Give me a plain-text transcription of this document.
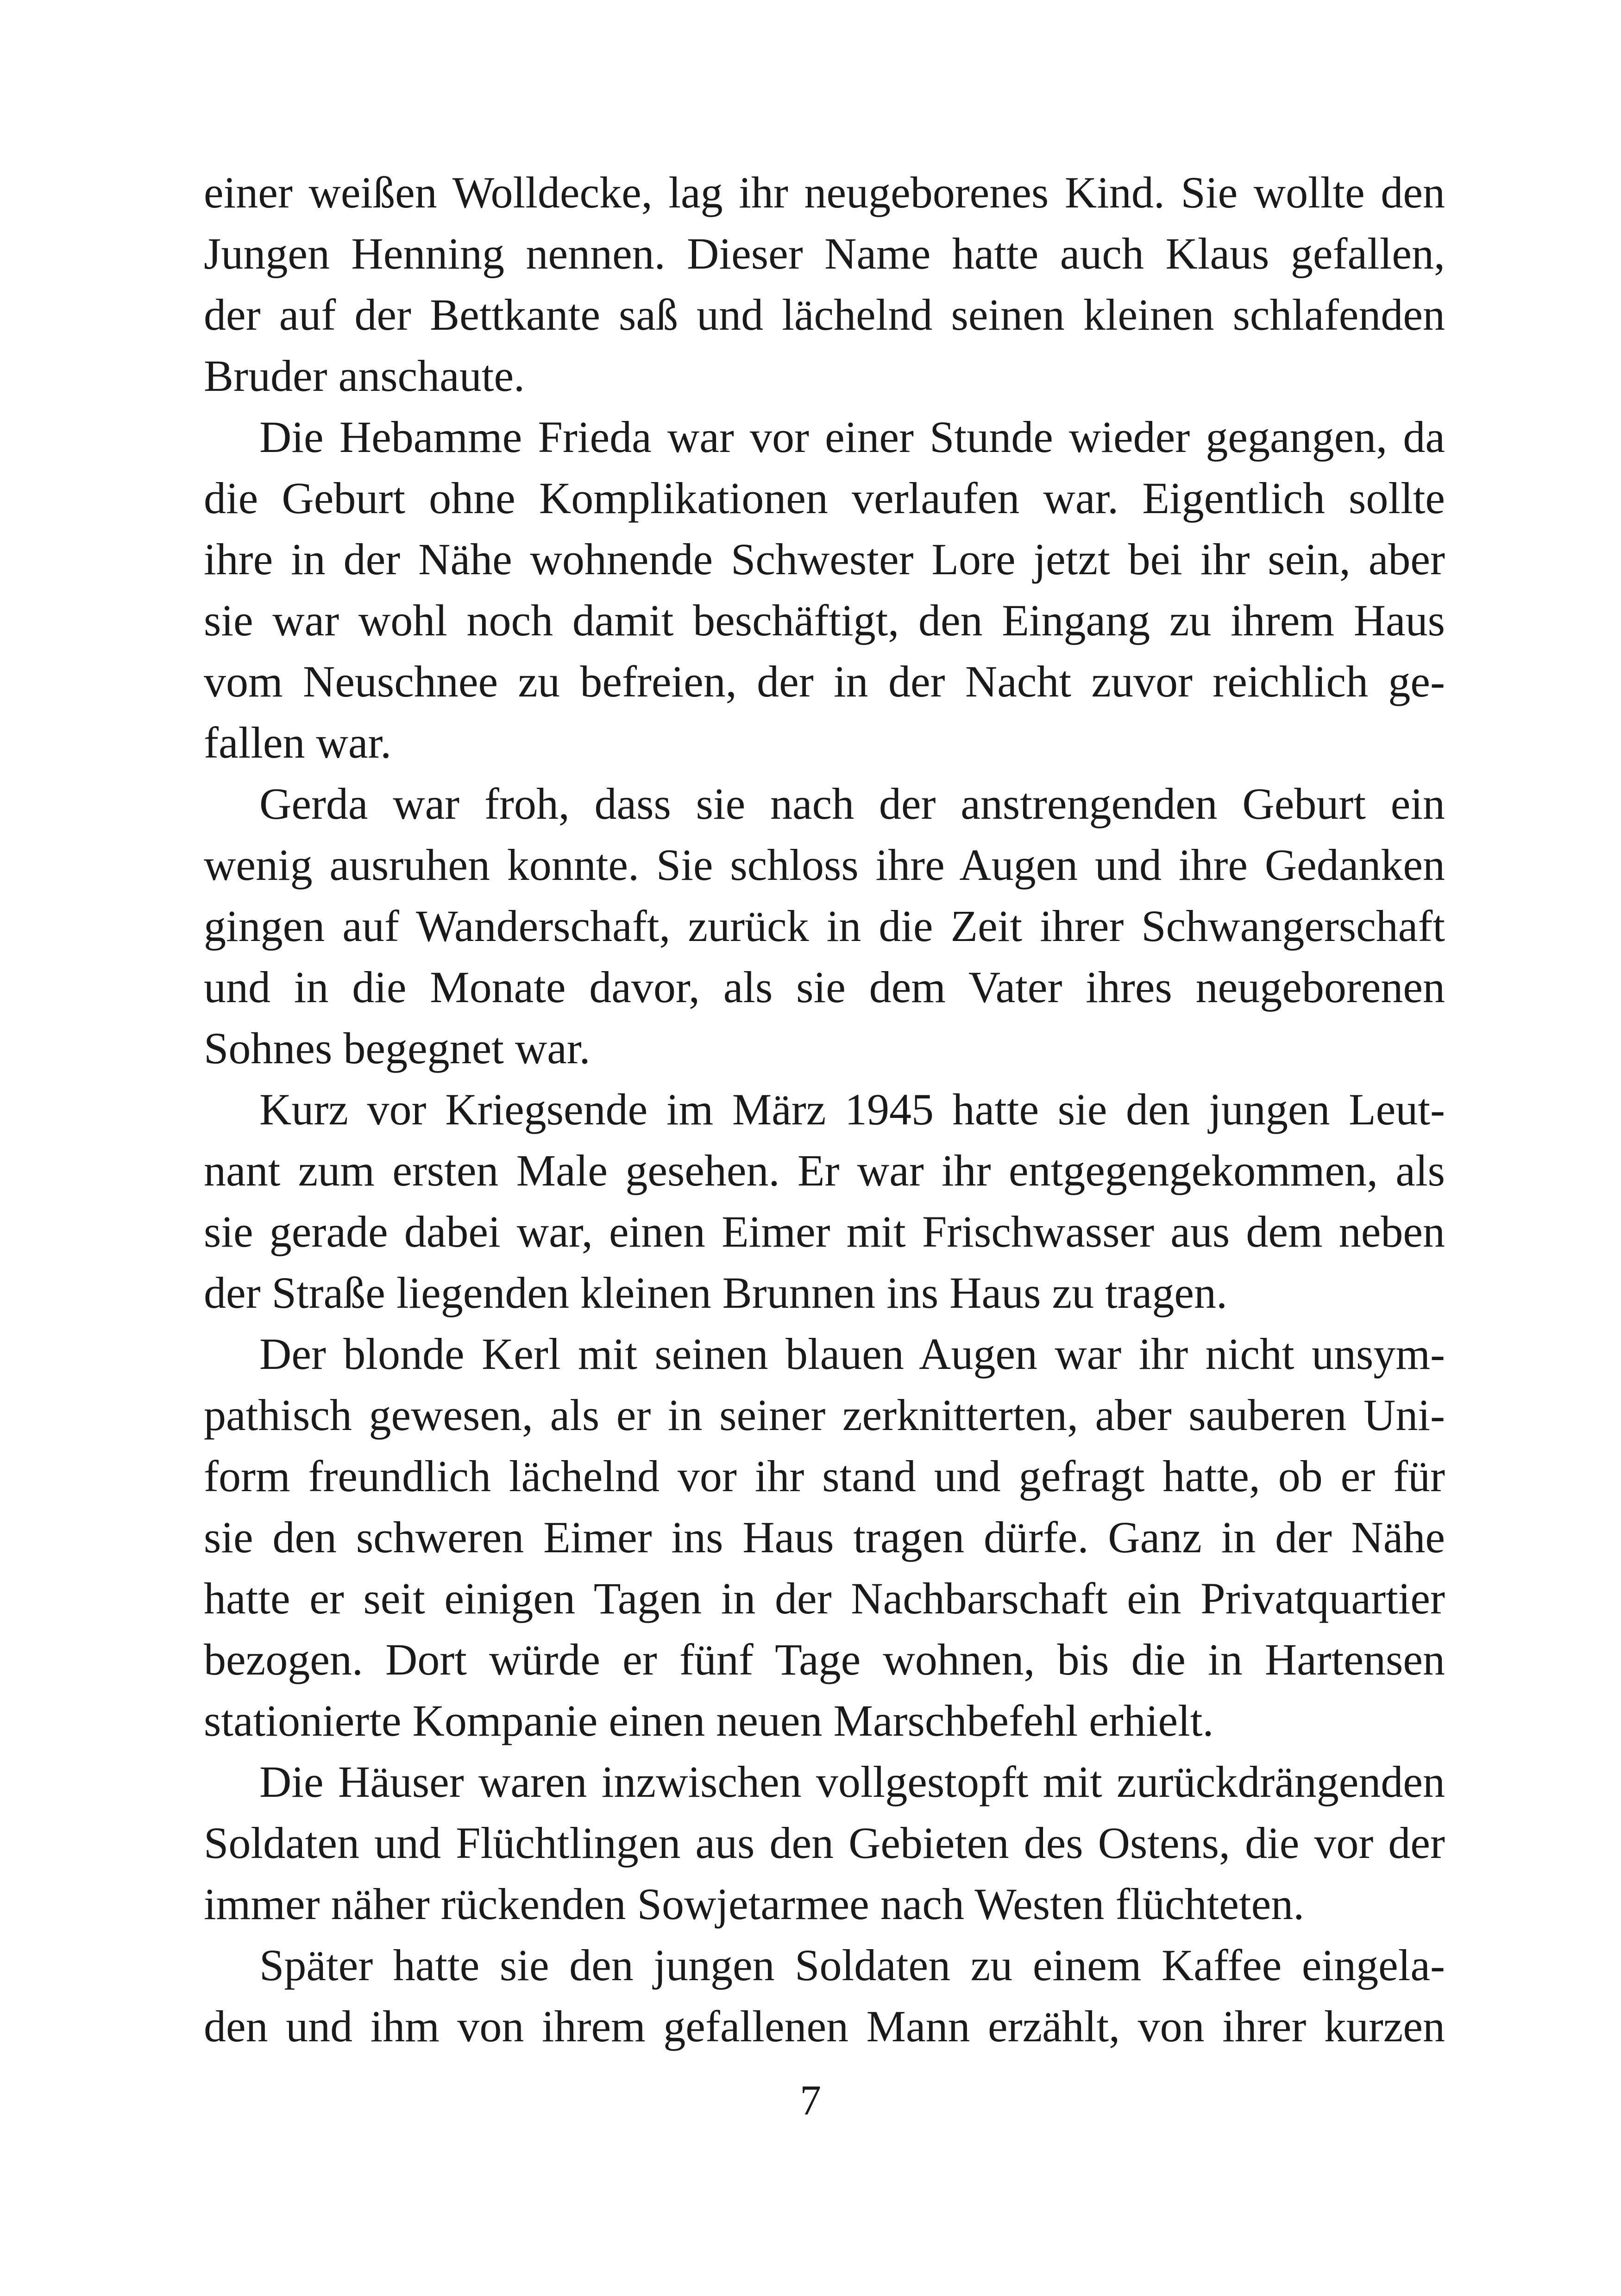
einer weißen Wolldecke, lag ihr neugeborenes Kind. Sie wollte den
Jungen Henning nennen. Dieser Name hatte auch Klaus gefallen,
der auf der Bettkante saß und lächelnd seinen kleinen schlafenden
Bruder anschaute.
Die Hebamme Frieda war vor einer Stunde wieder gegangen, da
die Geburt ohne Komplikationen verlaufen war. Eigentlich sollte
ihre in der Nähe wohnende Schwester Lore jetzt bei ihr sein, aber
sie war wohl noch damit beschäftigt, den Eingang zu ihrem Haus
vom Neuschnee zu befreien, der in der Nacht zuvor reichlich ge-
fallen war.
Gerda war froh, dass sie nach der anstrengenden Geburt ein
wenig ausruhen konnte. Sie schloss ihre Augen und ihre Gedanken
gingen auf Wanderschaft, zurück in die Zeit ihrer Schwangerschaft
und in die Monate davor, als sie dem Vater ihres neugeborenen
Sohnes begegnet war.
Kurz vor Kriegsende im März 1945 hatte sie den jungen Leut-
nant zum ersten Male gesehen. Er war ihr entgegengekommen, als
sie gerade dabei war, einen Eimer mit Frischwasser aus dem neben
der Straße liegenden kleinen Brunnen ins Haus zu tragen.
Der blonde Kerl mit seinen blauen Augen war ihr nicht unsym-
pathisch gewesen, als er in seiner zerknitterten, aber sauberen Uni-
form freundlich lächelnd vor ihr stand und gefragt hatte, ob er für
sie den schweren Eimer ins Haus tragen dürfe. Ganz in der Nähe
hatte er seit einigen Tagen in der Nachbarschaft ein Privatquartier
bezogen. Dort würde er fünf Tage wohnen, bis die in Hartensen
stationierte Kompanie einen neuen Marschbefehl erhielt.
Die Häuser waren inzwischen vollgestopft mit zurückdrängenden
Soldaten und Flüchtlingen aus den Gebieten des Ostens, die vor der
immer näher rückenden Sowjetarmee nach Westen flüchteten.
Später hatte sie den jungen Soldaten zu einem Kaffee eingela-
den und ihm von ihrem gefallenen Mann erzählt, von ihrer kurzen
7
